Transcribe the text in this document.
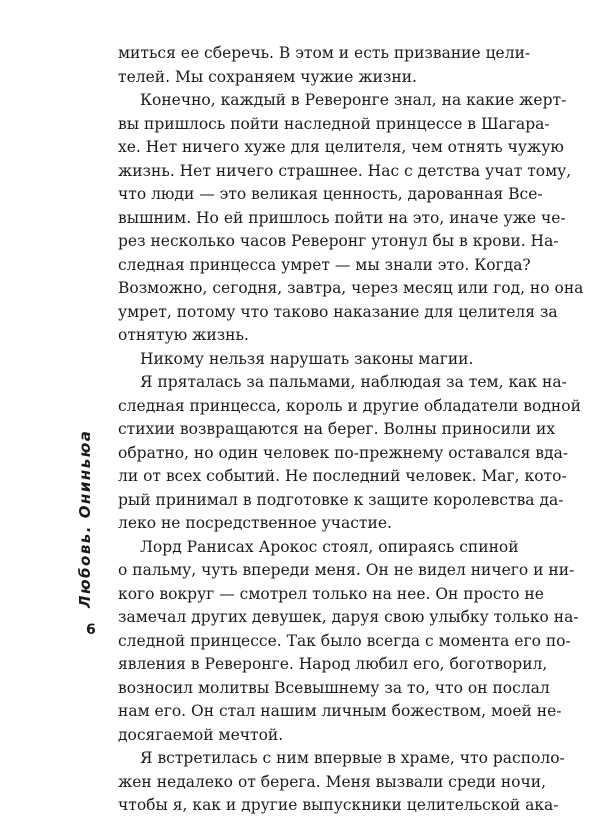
миться ее сберечь. В этом и есть призвание цели-
телей. Мы сохраняем чужие жизни.

Конечно, каждый в Реверонге знал, на какие жерт-
вы пришлось пойти наследной принцессе в Шагара-
хе. Нет ничего хуже для целителя, чем отнять чужую
жизнь. Нет ничего страшнее. Нас с детства учат тому,
что люди — это великая ценность, дарованная Все-
вышним. Но ей пришлось пойти на это, иначе уже че-
рез несколько часов Реверонг утонул бы в крови. На-
следная принцесса умрет — мы знали это. Когда?
Возможно, сегодня, завтра, через месяц или год, но она
умрет, потому что таково наказание для целителя за
отнятую жизнь.

Никому нельзя нарушать законы магии.

Я пряталась за пальмами, наблюдая за тем, как на-
следная принцесса, король и другие обладатели водной
стихии возвращаются на берег. Волны приносили их
обратно, но один человек по-прежнему оставался вда-
ли от всех событий. Не последний человек. Маг, кото-
рый принимал в подготовке к защите королевства да-
леко не посредственное участие.

Лорд Ранисах Арокос стоял, опираясь спиной
о пальму, чуть впереди меня. Он не видел ничего и ни-
кого вокруг — смотрел только на нее. Он просто не
замечал других девушек, даруя свою улыбку только на-
следной принцессе. Так было всегда с момента его по-
явления в Реверонге. Народ любил его, боготворил,
возносил молитвы Всевышнему за то, что он послал
нам его. Он стал нашим личным божеством, моей не-
досягаемой мечтой.

Я встретилась с ним впервые в храме, что располо-
жен недалеко от берега. Меня вызвали среди ночи,
чтобы я, как и другие выпускники целительской ака-

Любовь. Ониньюа
6
